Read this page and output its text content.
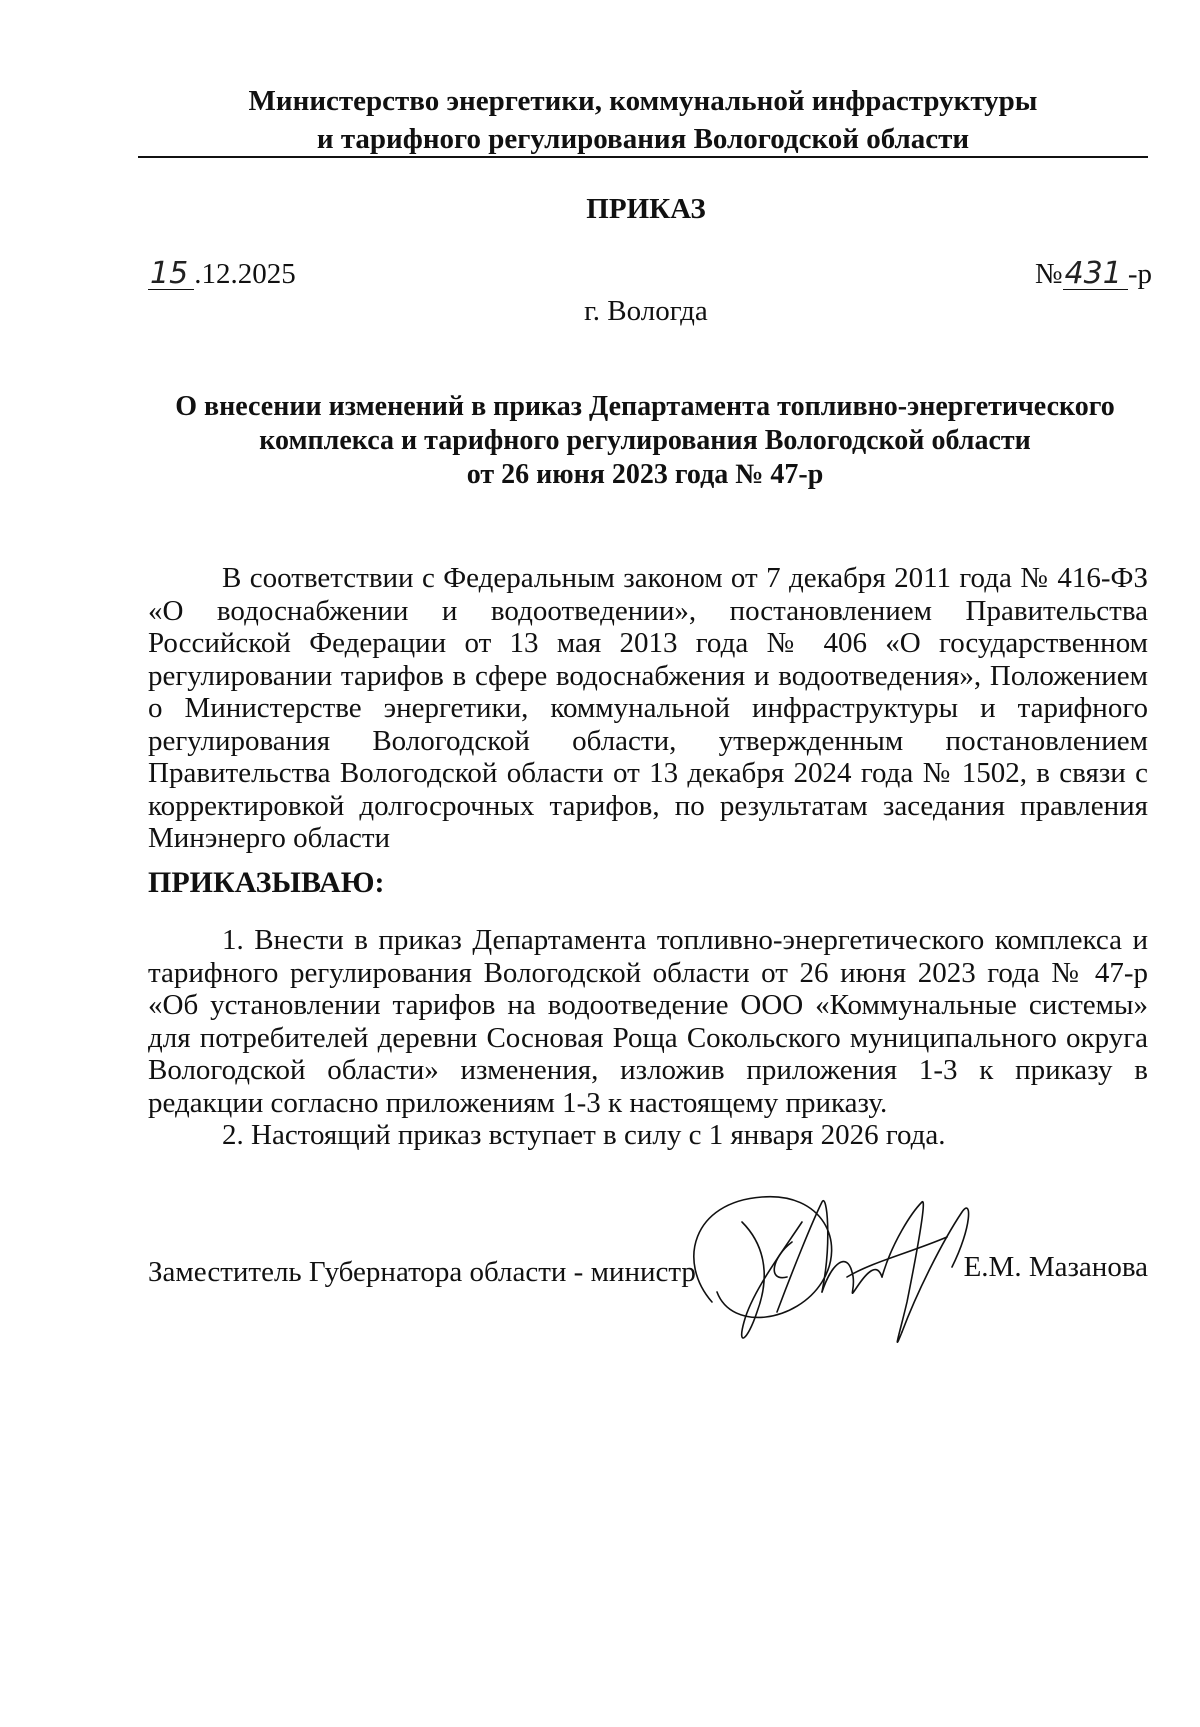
Министерство энергетики, коммунальной инфраструктуры
и тарифного регулирования Вологодской области
ПРИКАЗ
15 .12.2025	№431 -р
г. Вологда
О внесении изменений в приказ Департамента топливно-энергетического
комплекса и тарифного регулирования Вологодской области
от 26 июня 2023 года № 47-р

В соответствии с Федеральным законом от 7 декабря 2011 года № 416-ФЗ «О водоснабжении и водоотведении», постановлением Правительства Российской Федерации от 13 мая 2013 года № 406 «О государственном регулировании тарифов в сфере водоснабжения и водоотведения», Положением о Министерстве энергетики, коммунальной инфраструктуры и тарифного регулирования Вологодской области, утвержденным постановлением Правительства Вологодской области от 13 декабря 2024 года № 1502, в связи с корректировкой долгосрочных тарифов, по результатам заседания правления Минэнерго области

ПРИКАЗЫВАЮ:

1. Внести в приказ Департамента топливно-энергетического комплекса и тарифного регулирования Вологодской области от 26 июня 2023 года № 47-р «Об установлении тарифов на водоотведение ООО «Коммунальные системы» для потребителей деревни Сосновая Роща Сокольского муниципального округа Вологодской области» изменения, изложив приложения 1-3 к приказу в редакции согласно приложениям 1-3 к настоящему приказу.

2. Настоящий приказ вступает в силу с 1 января 2026 года.

Заместитель Губернатора области - министр	Е.М. Мазанова
